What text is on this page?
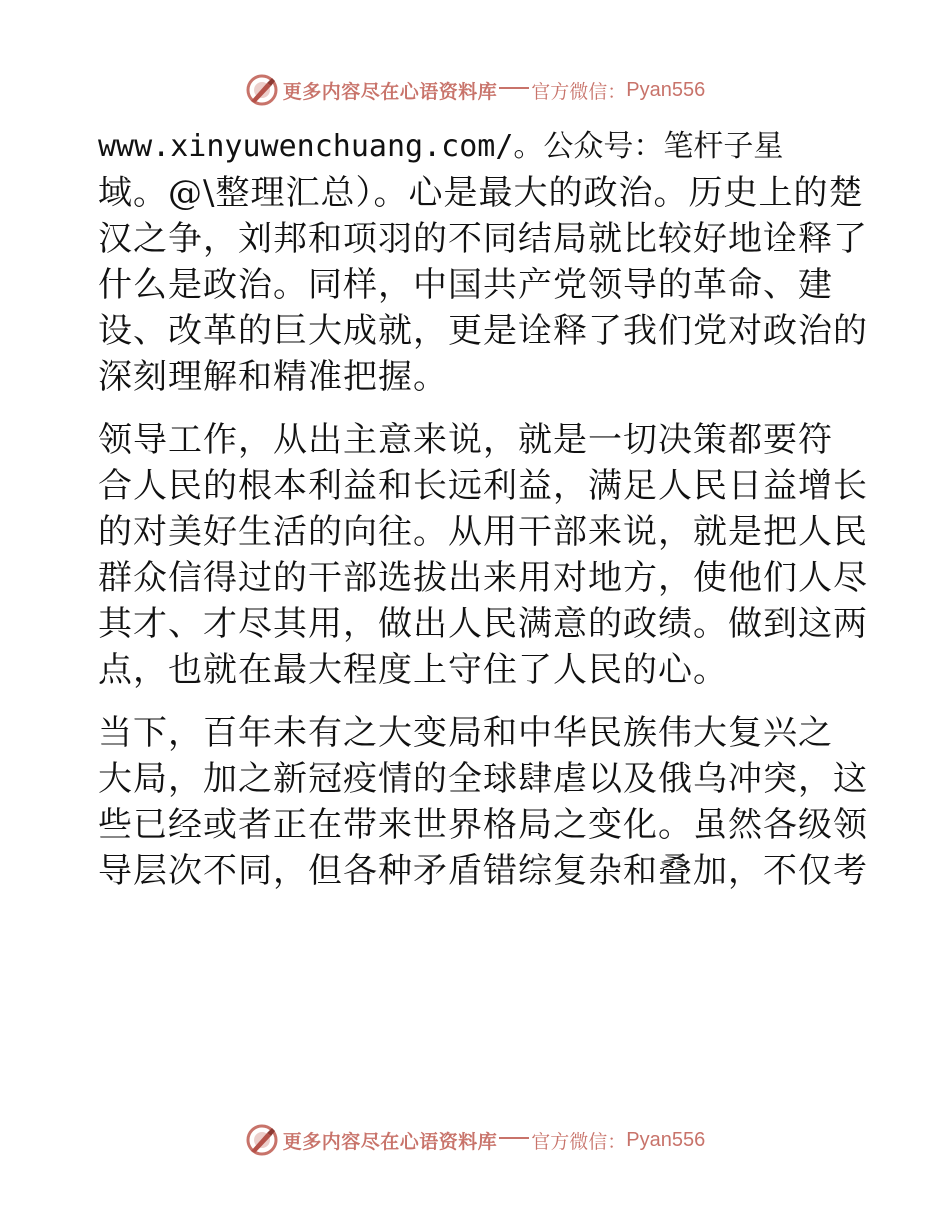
更多内容尽在心语资料库 官方微信： Pyan556

www.xinyuwenchuang.com/。公众号：笔杆子星
域。@\整理汇总）。心是最大的政治。历史上的楚
汉之争，刘邦和项羽的不同结局就比较好地诠释了
什么是政治。同样，中国共产党领导的革命、建
设、改革的巨大成就，更是诠释了我们党对政治的
深刻理解和精准把握。

领导工作，从出主意来说，就是一切决策都要符
合人民的根本利益和长远利益，满足人民日益增长
的对美好生活的向往。从用干部来说，就是把人民
群众信得过的干部选拔出来用对地方，使他们人尽
其才、才尽其用，做出人民满意的政绩。做到这两
点，也就在最大程度上守住了人民的心。

当下，百年未有之大变局和中华民族伟大复兴之
大局，加之新冠疫情的全球肆虐以及俄乌冲突，这
些已经或者正在带来世界格局之变化。虽然各级领
导层次不同，但各种矛盾错综复杂和叠加，不仅考

更多内容尽在心语资料库 官方微信： Pyan556
